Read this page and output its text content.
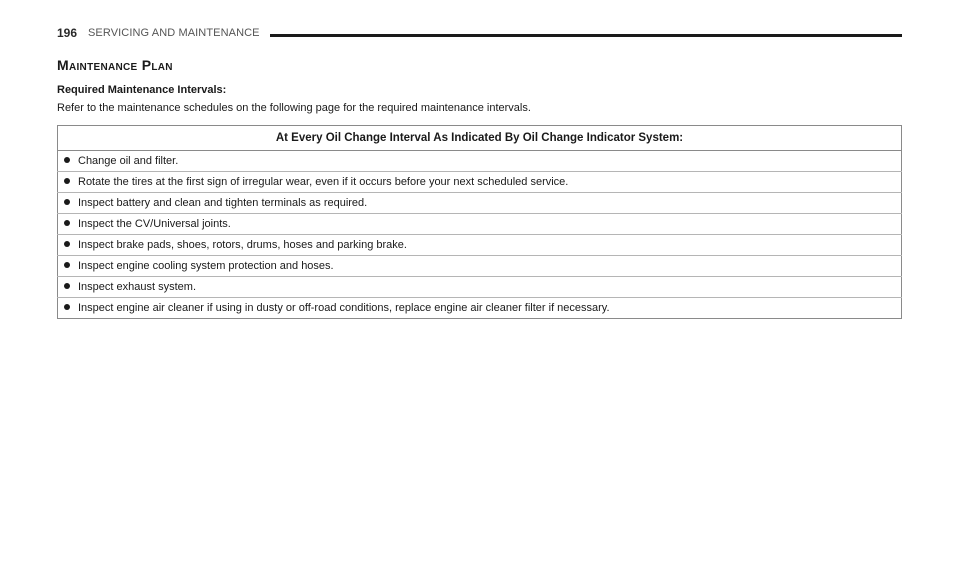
196 SERVICING AND MAINTENANCE
Maintenance Plan
Required Maintenance Intervals:
Refer to the maintenance schedules on the following page for the required maintenance intervals.
At Every Oil Change Interval As Indicated By Oil Change Indicator System:
Change oil and filter.
Rotate the tires at the first sign of irregular wear, even if it occurs before your next scheduled service.
Inspect battery and clean and tighten terminals as required.
Inspect the CV/Universal joints.
Inspect brake pads, shoes, rotors, drums, hoses and parking brake.
Inspect engine cooling system protection and hoses.
Inspect exhaust system.
Inspect engine air cleaner if using in dusty or off-road conditions, replace engine air cleaner filter if necessary.
